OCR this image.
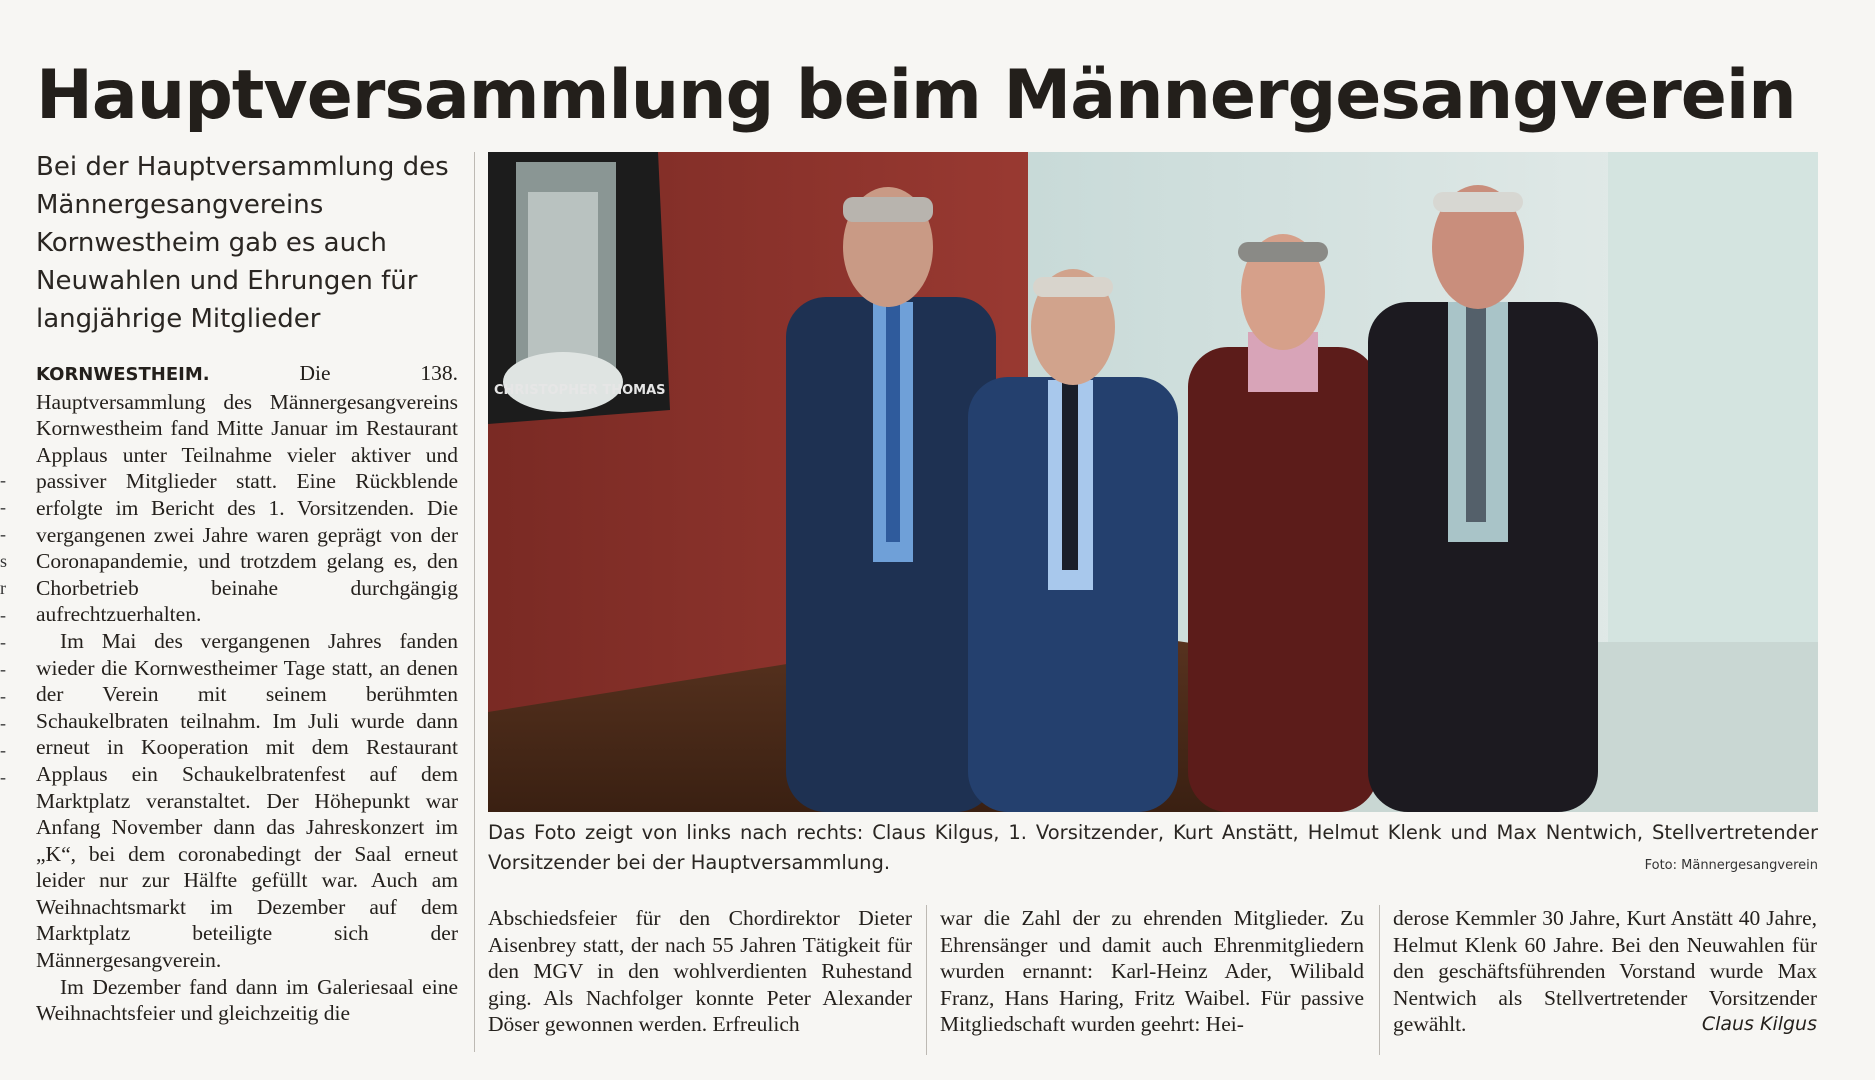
Hauptversammlung beim Männergesangverein

Bei der Hauptversammlung des Männergesangvereins Kornwestheim gab es auch Neuwahlen und Ehrungen für langjährige Mitglieder

-
-
-
s
r
-
-
-
-
-
-
-

KORNWESTHEIM.	Die 138. Hauptversammlung des Männergesangvereins Kornwestheim fand Mitte Januar im Restaurant Applaus unter Teilnahme vieler aktiver und passiver Mitglieder statt. Eine Rückblende erfolgte im Bericht des 1. Vorsitzenden. Die vergangenen zwei Jahre waren geprägt von der Coronapandemie, und trotzdem gelang es, den Chorbetrieb beinahe durchgängig aufrechtzuerhalten.

Im Mai des vergangenen Jahres fanden wieder die Kornwestheimer Tage statt, an denen der Verein mit seinem berühmten Schaukelbraten teilnahm. Im Juli wurde dann erneut in Kooperation mit dem Restaurant Applaus ein Schaukelbratenfest auf dem Marktplatz veranstaltet. Der Höhepunkt war Anfang November dann das Jahreskonzert im „K“, bei dem coronabedingt der Saal erneut leider nur zur Hälfte gefüllt war. Auch am Weihnachtsmarkt im Dezember auf dem Marktplatz beteiligte sich der Männergesangverein.

Im Dezember fand dann im Galeriesaal eine Weihnachtsfeier und gleichzeitig die

CHRISTOPHER THOMAS
Das Foto zeigt von links nach rechts: Claus Kilgus, 1. Vorsitzender, Kurt Anstätt, Helmut Klenk und Max Nentwich, Stellvertretender Vorsitzender bei der Hauptversammlung.	Foto: Männergesangverein

Abschiedsfeier für den Chordirektor Dieter Aisenbrey statt, der nach 55 Jahren Tätigkeit für den MGV in den wohlverdienten Ruhestand ging. Als Nachfolger konnte Peter Alexander Döser gewonnen werden. Erfreulich

war die Zahl der zu ehrenden Mitglieder. Zu Ehrensänger und damit auch Ehrenmitgliedern wurden ernannt: Karl-Heinz Ader, Wilibald Franz, Hans Haring, Fritz Waibel. Für passive Mitgliedschaft wurden geehrt: Hei-

derose Kemmler 30 Jahre, Kurt Anstätt 40 Jahre, Helmut Klenk 60 Jahre. Bei den Neuwahlen für den geschäftsführenden Vorstand wurde Max Nentwich als Stellvertretender Vorsitzender gewählt.	Claus Kilgus
